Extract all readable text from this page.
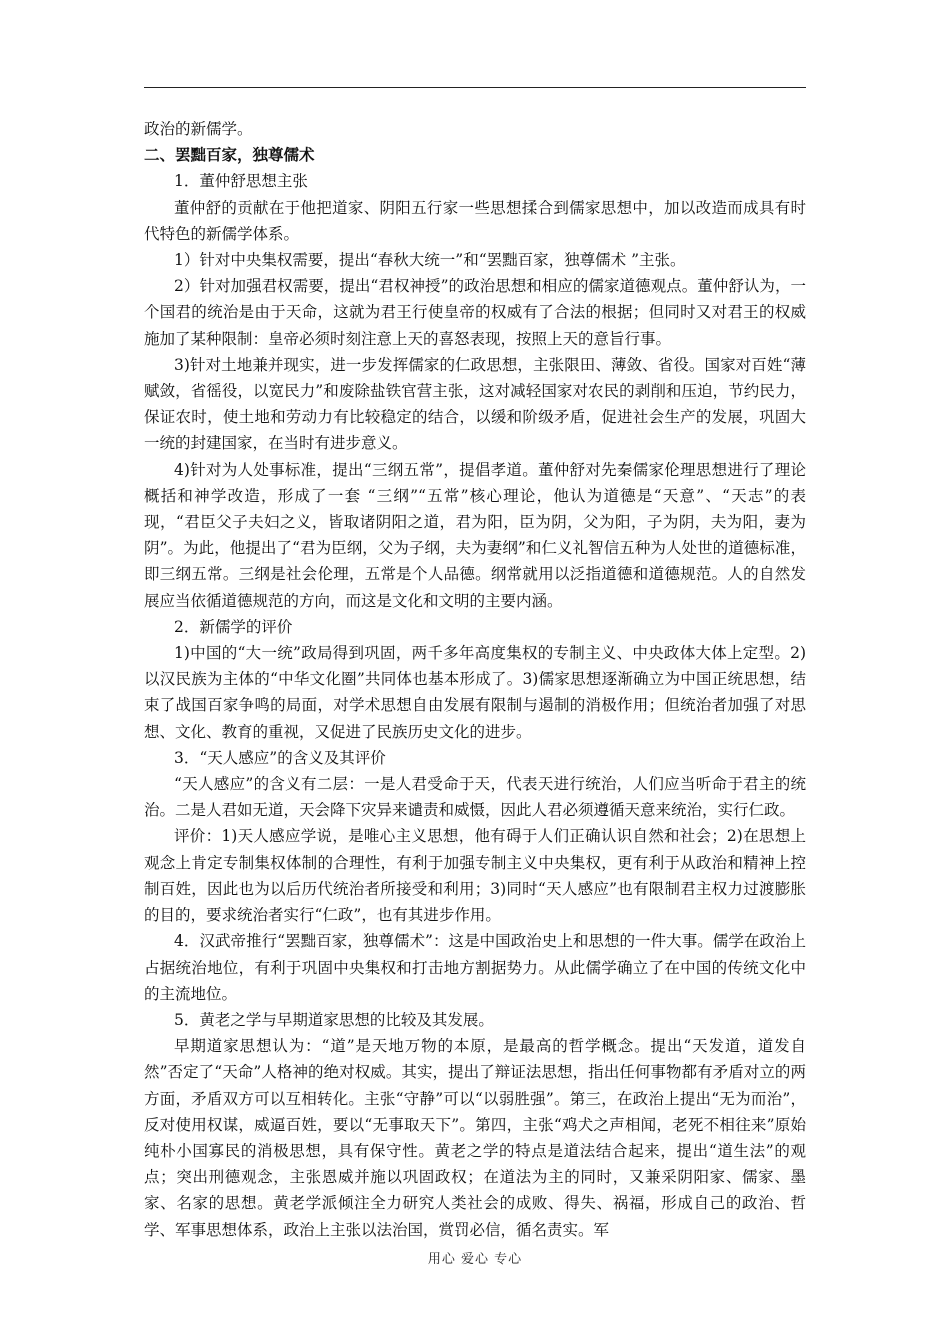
政治的新儒学。

二、罢黜百家，独尊儒术

1．董仲舒思想主张

董仲舒的贡献在于他把道家、阴阳五行家一些思想揉合到儒家思想中，加以改造而成具有时代特色的新儒学体系。

1）针对中央集权需要，提出“春秋大统一”和“罢黜百家，独尊儒术 ”主张。

2）针对加强君权需要，提出“君权神授”的政治思想和相应的儒家道德观点。董仲舒认为，一个国君的统治是由于天命，这就为君王行使皇帝的权威有了合法的根据；但同时又对君王的权威施加了某种限制：皇帝必须时刻注意上天的喜怒表现，按照上天的意旨行事。

3)针对土地兼并现实，进一步发挥儒家的仁政思想，主张限田、薄敛、省役。国家对百姓“薄赋敛，省徭役，以宽民力”和废除盐铁官营主张，这对减轻国家对农民的剥削和压迫，节约民力，保证农时，使土地和劳动力有比较稳定的结合，以缓和阶级矛盾，促进社会生产的发展，巩固大一统的封建国家，在当时有进步意义。

4)针对为人处事标准，提出“三纲五常”，提倡孝道。董仲舒对先秦儒家伦理思想进行了理论概括和神学改造，形成了一套 “三纲”“五常”核心理论，他认为道德是“天意”、“天志”的表现，“君臣父子夫妇之义，皆取诸阴阳之道，君为阳，臣为阴，父为阳，子为阴，夫为阳，妻为阴”。为此，他提出了“君为臣纲，父为子纲，夫为妻纲”和仁义礼智信五种为人处世的道德标准，即三纲五常。三纲是社会伦理，五常是个人品德。纲常就用以泛指道德和道德规范。人的自然发展应当依循道德规范的方向，而这是文化和文明的主要内涵。

2．新儒学的评价

1)中国的“大一统”政局得到巩固，两千多年高度集权的专制主义、中央政体大体上定型。2)以汉民族为主体的“中华文化圈”共同体也基本形成了。3)儒家思想逐渐确立为中国正统思想，结束了战国百家争鸣的局面，对学术思想自由发展有限制与遏制的消极作用；但统治者加强了对思想、文化、教育的重视，又促进了民族历史文化的进步。

3．“天人感应”的含义及其评价

“天人感应”的含义有二层：一是人君受命于天，代表天进行统治，人们应当听命于君主的统治。二是人君如无道，天会降下灾异来谴责和威慑，因此人君必须遵循天意来统治，实行仁政。

评价：1)天人感应学说，是唯心主义思想，他有碍于人们正确认识自然和社会；2)在思想上观念上肯定专制集权体制的合理性，有利于加强专制主义中央集权，更有利于从政治和精神上控制百姓，因此也为以后历代统治者所接受和利用；3)同时“天人感应”也有限制君主权力过渡膨胀的目的，要求统治者实行“仁政”，也有其进步作用。

4．汉武帝推行“罢黜百家，独尊儒术”：这是中国政治史上和思想的一件大事。儒学在政治上占据统治地位，有利于巩固中央集权和打击地方割据势力。从此儒学确立了在中国的传统文化中的主流地位。

5．黄老之学与早期道家思想的比较及其发展。

早期道家思想认为：“道”是天地万物的本原，是最高的哲学概念。提出“天发道，道发自然”否定了“天命”人格神的绝对权威。其实，提出了辩证法思想，指出任何事物都有矛盾对立的两方面，矛盾双方可以互相转化。主张“守静”可以“以弱胜强”。第三，在政治上提出“无为而治”，反对使用权谋，威逼百姓，要以“无事取天下”。第四，主张“鸡犬之声相闻，老死不相往来”原始纯朴小国寡民的消极思想，具有保守性。黄老之学的特点是道法结合起来，提出“道生法”的观点；突出刑德观念，主张恩威并施以巩固政权；在道法为主的同时，又兼采阴阳家、儒家、墨家、名家的思想。黄老学派倾注全力研究人类社会的成败、得失、祸福，形成自己的政治、哲学、军事思想体系，政治上主张以法治国，赏罚必信，循名责实。军

用心 爱心 专心
